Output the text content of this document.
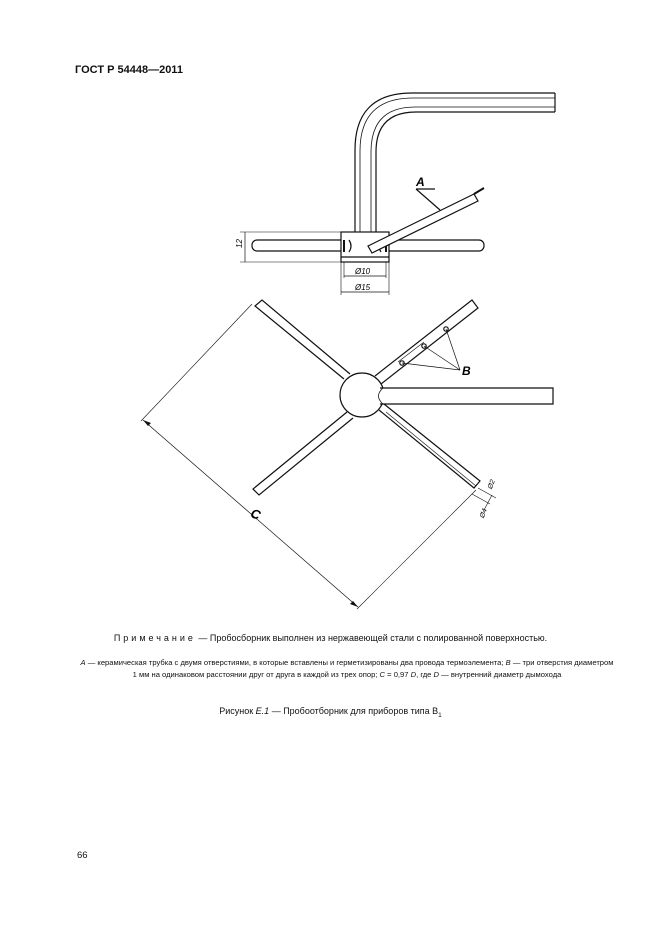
ГОСТ Р 54448—2011
A
12
Ø10
Ø15
B
C
Ø2
Ø4
Примечание — Пробосборник выполнен из нержавеющей стали с полированной поверхностью.
A — керамическая трубка с двумя отверстиями, в которые вставлены и герметизированы два провода термоэлемента; B — три отверстия диаметром 1 мм на одинаковом расстоянии друг от друга в каждой из трех опор; C = 0,97 D, где D — внутренний диаметр дымохода
Рисунок Е.1 — Пробоотборник для приборов типа $В_1$
66
